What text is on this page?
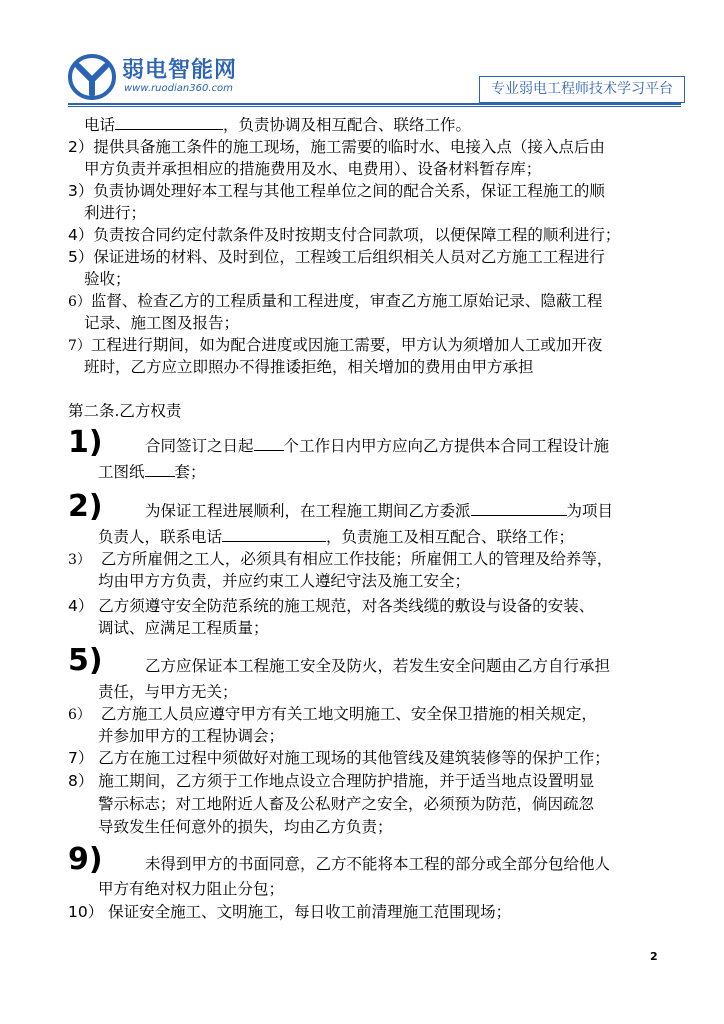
弱电智能网
www.ruodian360.com	专业弱电工程师技术学习平台
电话	，负责协调及相互配合、联络工作。
2）提供具备施工条件的施工现场，施工需要的临时水、电接入点（接入点后由
甲方负责并承担相应的措施费用及水、电费用）、设备材料暂存库；
3）负责协调处理好本工程与其他工程单位之间的配合关系，保证工程施工的顺
利进行；
4）负责按合同约定付款条件及时按期支付合同款项，以便保障工程的顺利进行；
5）保证进场的材料、及时到位，工程竣工后组织相关人员对乙方施工工程进行
验收；
6）监督、检查乙方的工程质量和工程进度，审查乙方施工原始记录、隐蔽工程
记录、施工图及报告；
7）工程进行期间，如为配合进度或因施工需要，甲方认为须增加人工或加开夜
班时，乙方应立即照办不得推诿拒绝，相关增加的费用由甲方承担
第二条.乙方权责
1)	合同签订之日起 个工作日内甲方应向乙方提供本合同工程设计施
工图纸 套；
2)	为保证工程进展顺利，在工程施工期间乙方委派	为项目
负责人，联系电话	，负责施工及相互配合、联络工作；
3） 乙方所雇佣之工人，必须具有相应工作技能；所雇佣工人的管理及给养等，
均由甲方方负责，并应约束工人遵纪守法及施工安全；
4） 乙方须遵守安全防范系统的施工规范，对各类线缆的敷设与设备的安装、
调试、应满足工程质量；
5)	乙方应保证本工程施工安全及防火，若发生安全问题由乙方自行承担
责任，与甲方无关；
6） 乙方施工人员应遵守甲方有关工地文明施工、安全保卫措施的相关规定，
并参加甲方的工程协调会；
7） 乙方在施工过程中须做好对施工现场的其他管线及建筑装修等的保护工作；
8） 施工期间，乙方须于工作地点设立合理防护措施，并于适当地点设置明显
警示标志；对工地附近人畜及公私财产之安全，必须预为防范，倘因疏忽
导致发生任何意外的损失，均由乙方负责；
9)	未得到甲方的书面同意，乙方不能将本工程的部分或全部分包给他人
甲方有绝对权力阻止分包；
10） 保证安全施工、文明施工，每日收工前清理施工范围现场；
2
